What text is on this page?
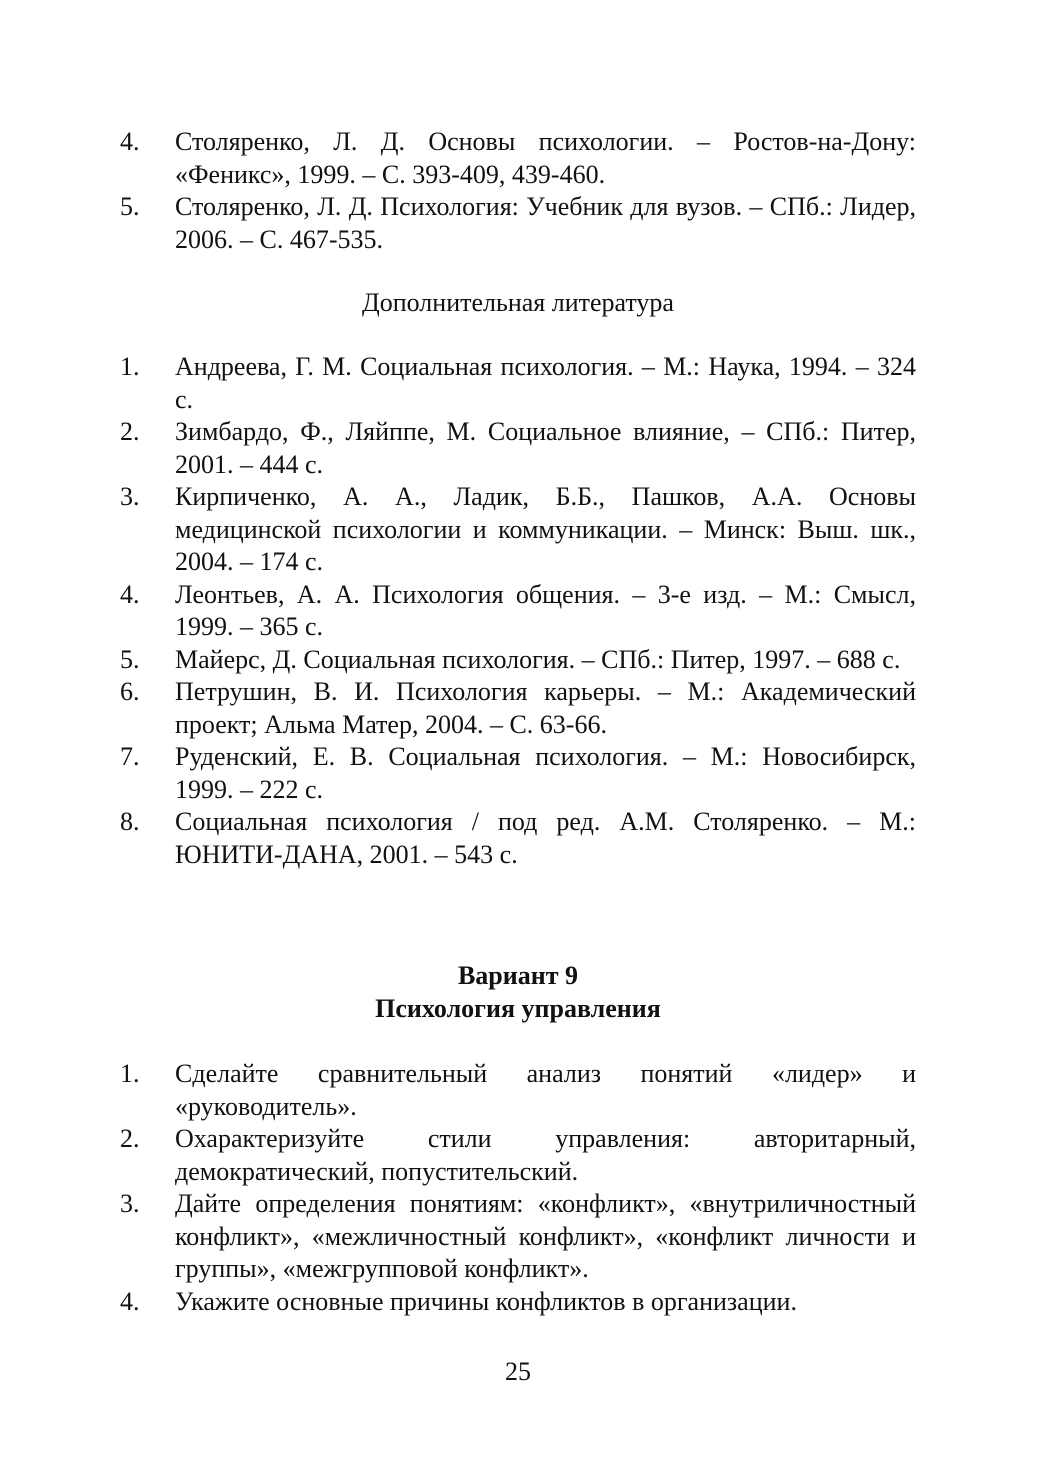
4.	Столяренко, Л. Д. Основы психологии. – Ростов-на-Дону: «Феникс», 1999. – С. 393-409, 439-460.
5.	Столяренко, Л. Д. Психология: Учебник для вузов. – СПб.: Лидер, 2006. – С. 467-535.
Дополнительная литература
1.	Андреева, Г. М. Социальная психология. – М.: Наука, 1994. – 324 с.
2.	Зимбардо, Ф., Ляйппе, М. Социальное влияние, – СПб.: Питер, 2001. – 444 с.
3.	Кирпиченко, А. А., Ладик, Б.Б., Пашков, А.А. Основы медицинской психологии и коммуникации. – Минск: Выш. шк., 2004. – 174 с.
4.	Леонтьев, А. А. Психология общения. – 3-е изд. – М.: Смысл, 1999. – 365 с.
5.	Майерс, Д. Социальная психология. – СПб.: Питер, 1997. – 688 с.
6.	Петрушин, В. И. Психология карьеры. – М.: Академический проект; Альма Матер, 2004. – С. 63-66.
7.	Руденский, Е. В. Социальная психология. – М.: Новосибирск, 1999. – 222 с.
8.	Социальная психология / под ред. А.М. Столяренко. – М.: ЮНИТИ-ДАНА, 2001. – 543 с.
Вариант 9
Психология управления
1.	Сделайте сравнительный анализ понятий «лидер» и «руководитель».
2.	Охарактеризуйте стили управления: авторитарный, демократический, попустительский.
3.	Дайте определения понятиям: «конфликт», «внутриличностный конфликт», «межличностный конфликт», «конфликт личности и группы», «межгрупповой конфликт».
4.	Укажите основные причины конфликтов в организации.
25
